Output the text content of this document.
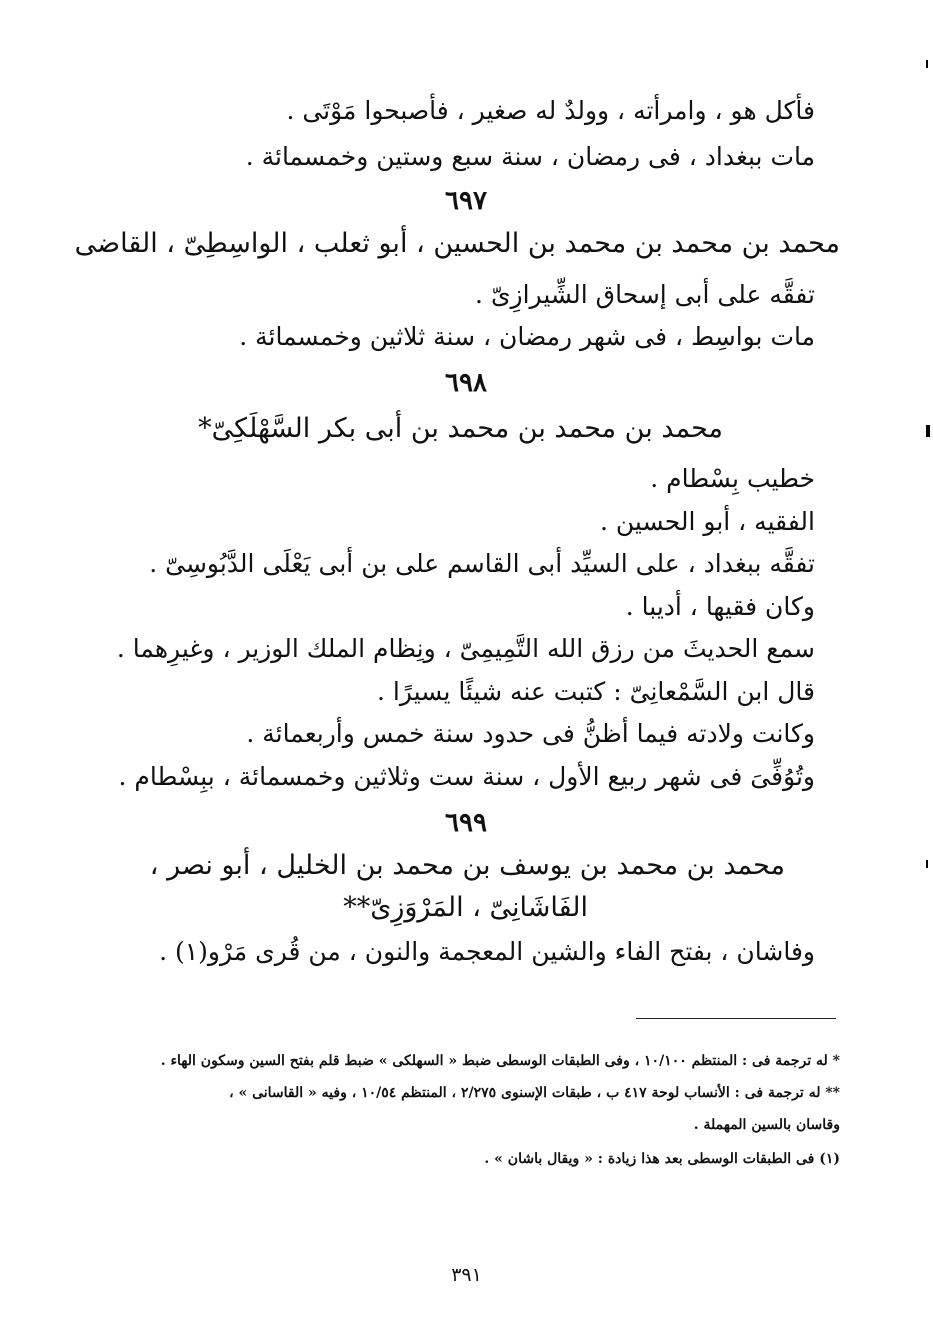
فأكل هو ، وامرأته ، وولدٌ له صغير ، فأصبحوا مَوْتَى .
مات ببغداد ، فى رمضان ، سنة سبع وستين وخمسمائة .
٦٩٧
محمد بن محمد بن محمد بن الحسين ، أبو ثعلب ، الواسِطِىّ ، القاضى
تفقَّه على أبى إسحاق الشِّيرازِىّ .
مات بواسِط ، فى شهر رمضان ، سنة ثلاثين وخمسمائة .
٦٩٨
محمد بن محمد بن محمد بن أبى بكر السَّهْلَكِىّ*
خطيب بِسْطام .
الفقيه ، أبو الحسين .
تفقَّه ببغداد ، على السيِّد أبى القاسم على بن أبى يَعْلَى الدَّبُوسِىّ .
وكان فقيها ، أديبا .
سمع الحديثَ من رزق الله التَّمِيمِىّ ، ونِظام الملك الوزير ، وغيرِهما .
قال ابن السَّمْعانِىّ : كتبت عنه شيئًا يسيرًا .
وكانت ولادته فيما أظنُّ فى حدود سنة خمس وأربعمائة .
وتُوُفِّىَ فى شهر ربيع الأول ، سنة ست وثلاثين وخمسمائة ، ببِسْطام .
٦٩٩
محمد بن محمد بن يوسف بن محمد بن الخليل ، أبو نصر ،
الفَاشَانِىّ ، المَرْوَزِىّ**
وفاشان ، بفتح الفاء والشين المعجمة والنون ، من قُرى مَرْو(١) .
* له ترجمة فى : المنتظم ١٠/١٠٠ ، وفى الطبقات الوسطى ضبط « السهلكى » ضبط قلم بفتح السين وسكون الهاء .
** له ترجمة فى : الأنساب لوحة ٤١٧ ب ، طبقات الإسنوى ٢/٢٧٥ ، المنتظم ١٠/٥٤ ، وفيه « القاسانى » ،
وقاسان بالسين المهملة .
(١) فى الطبقات الوسطى بعد هذا زيادة : « ويقال باشان » .
٣٩١
